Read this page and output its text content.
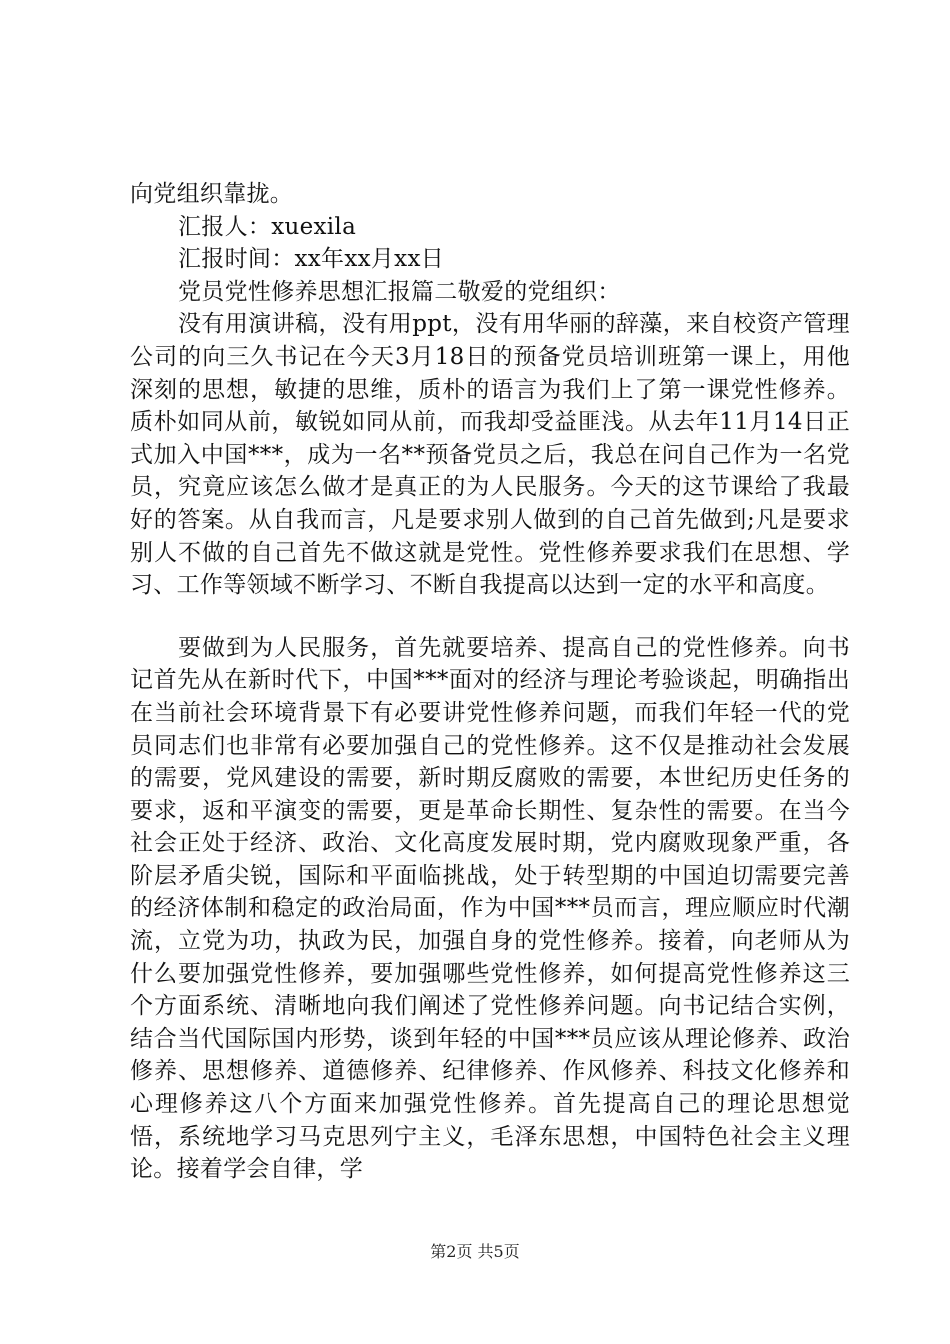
向党组织靠拢。

汇报人：xuexila

汇报时间：xx年xx月xx日

党员党性修养思想汇报篇二敬爱的党组织：

没有用演讲稿，没有用ppt，没有用华丽的辞藻，来自校资产管理公司的向三久书记在今天3月18日的预备党员培训班第一课上，用他深刻的思想，敏捷的思维，质朴的语言为我们上了第一课党性修养。质朴如同从前，敏锐如同从前，而我却受益匪浅。从去年11月14日正式加入中国***，成为一名**预备党员之后，我总在问自己作为一名党员，究竟应该怎么做才是真正的为人民服务。今天的这节课给了我最好的答案。从自我而言，凡是要求别人做到的自己首先做到;凡是要求别人不做的自己首先不做这就是党性。党性修养要求我们在思想、学习、工作等领域不断学习、不断自我提高以达到一定的水平和高度。

要做到为人民服务，首先就要培养、提高自己的党性修养。向书记首先从在新时代下，中国***面对的经济与理论考验谈起，明确指出在当前社会环境背景下有必要讲党性修养问题，而我们年轻一代的党员同志们也非常有必要加强自己的党性修养。这不仅是推动社会发展的需要，党风建设的需要，新时期反腐败的需要，本世纪历史任务的要求，返和平演变的需要，更是革命长期性、复杂性的需要。在当今社会正处于经济、政治、文化高度发展时期，党内腐败现象严重，各阶层矛盾尖锐，国际和平面临挑战，处于转型期的中国迫切需要完善的经济体制和稳定的政治局面，作为中国***员而言，理应顺应时代潮流，立党为功，执政为民，加强自身的党性修养。接着，向老师从为什么要加强党性修养，要加强哪些党性修养，如何提高党性修养这三个方面系统、清晰地向我们阐述了党性修养问题。向书记结合实例，结合当代国际国内形势，谈到年轻的中国***员应该从理论修养、政治修养、思想修养、道德修养、纪律修养、作风修养、科技文化修养和心理修养这八个方面来加强党性修养。首先提高自己的理论思想觉悟，系统地学习马克思列宁主义，毛泽东思想，中国特色社会主义理论。接着学会自律，学

第2页 共5页
